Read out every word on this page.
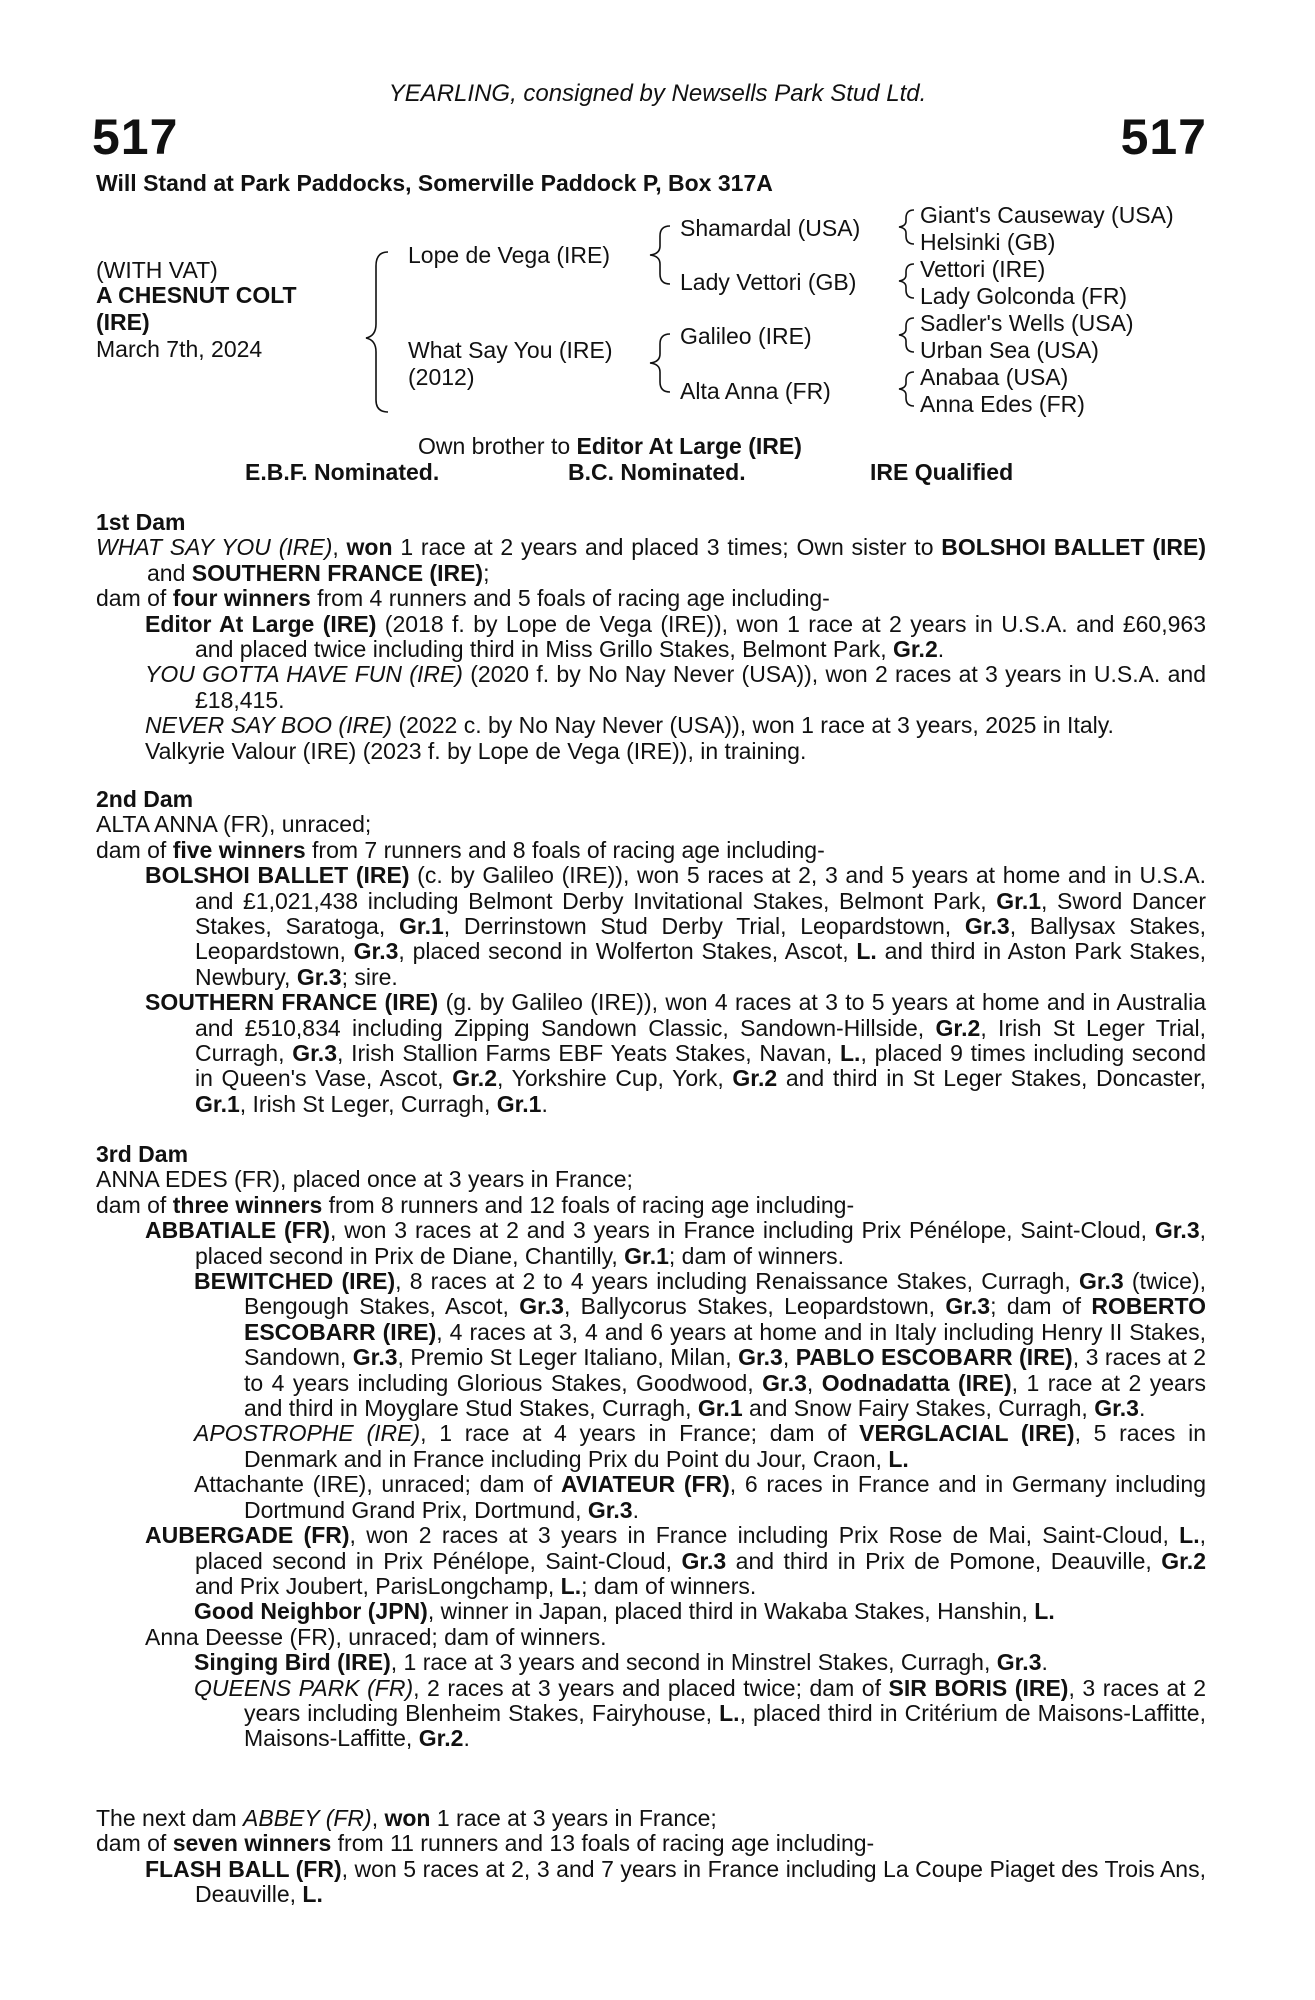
YEARLING, consigned by Newsells Park Stud Ltd.
517	517
Will Stand at Park Paddocks, Somerville Paddock P, Box 317A
(WITH VAT)
A CHESNUT COLT
(IRE)
March 7th, 2024
Lope de Vega (IRE)
What Say You (IRE)
(2012)
Shamardal (USA)
Lady Vettori (GB)
Galileo (IRE)
Alta Anna (FR)
Giant's Causeway (USA)
Helsinki (GB)
Vettori (IRE)
Lady Golconda (FR)
Sadler's Wells (USA)
Urban Sea (USA)
Anabaa (USA)
Anna Edes (FR)
Own brother to Editor At Large (IRE)
E.B.F. Nominated.	B.C. Nominated.	IRE Qualified

1st Dam

WHAT SAY YOU (IRE), won 1 race at 2 years and placed 3 times; Own sister to BOLSHOI BALLET (IRE) and SOUTHERN FRANCE (IRE);

dam of four winners from 4 runners and 5 foals of racing age including-

Editor At Large (IRE) (2018 f. by Lope de Vega (IRE)), won 1 race at 2 years in U.S.A. and £60,963 and placed twice including third in Miss Grillo Stakes, Belmont Park, Gr.2.

YOU GOTTA HAVE FUN (IRE) (2020 f. by No Nay Never (USA)), won 2 races at 3 years in U.S.A. and £18,415.

NEVER SAY BOO (IRE) (2022 c. by No Nay Never (USA)), won 1 race at 3 years, 2025 in Italy.

Valkyrie Valour (IRE) (2023 f. by Lope de Vega (IRE)), in training.

2nd Dam

ALTA ANNA (FR), unraced;

dam of five winners from 7 runners and 8 foals of racing age including-

BOLSHOI BALLET (IRE) (c. by Galileo (IRE)), won 5 races at 2, 3 and 5 years at home and in U.S.A. and £1,021,438 including Belmont Derby Invitational Stakes, Belmont Park, Gr.1, Sword Dancer Stakes, Saratoga, Gr.1, Derrinstown Stud Derby Trial, Leopardstown, Gr.3, Ballysax Stakes, Leopardstown, Gr.3, placed second in Wolferton Stakes, Ascot, L. and third in Aston Park Stakes, Newbury, Gr.3; sire.

SOUTHERN FRANCE (IRE) (g. by Galileo (IRE)), won 4 races at 3 to 5 years at home and in Australia and £510,834 including Zipping Sandown Classic, Sandown-Hillside, Gr.2, Irish St Leger Trial, Curragh, Gr.3, Irish Stallion Farms EBF Yeats Stakes, Navan, L., placed 9 times including second in Queen's Vase, Ascot, Gr.2, Yorkshire Cup, York, Gr.2 and third in St Leger Stakes, Doncaster, Gr.1, Irish St Leger, Curragh, Gr.1.

3rd Dam

ANNA EDES (FR), placed once at 3 years in France;

dam of three winners from 8 runners and 12 foals of racing age including-

ABBATIALE (FR), won 3 races at 2 and 3 years in France including Prix Pénélope, Saint-Cloud, Gr.3, placed second in Prix de Diane, Chantilly, Gr.1; dam of winners.

BEWITCHED (IRE), 8 races at 2 to 4 years including Renaissance Stakes, Curragh, Gr.3 (twice), Bengough Stakes, Ascot, Gr.3, Ballycorus Stakes, Leopardstown, Gr.3; dam of ROBERTO ESCOBARR (IRE), 4 races at 3, 4 and 6 years at home and in Italy including Henry II Stakes, Sandown, Gr.3, Premio St Leger Italiano, Milan, Gr.3, PABLO ESCOBARR (IRE), 3 races at 2 to 4 years including Glorious Stakes, Goodwood, Gr.3, Oodnadatta (IRE), 1 race at 2 years and third in Moyglare Stud Stakes, Curragh, Gr.1 and Snow Fairy Stakes, Curragh, Gr.3.

APOSTROPHE (IRE), 1 race at 4 years in France; dam of VERGLACIAL (IRE), 5 races in Denmark and in France including Prix du Point du Jour, Craon, L.

Attachante (IRE), unraced; dam of AVIATEUR (FR), 6 races in France and in Germany including Dortmund Grand Prix, Dortmund, Gr.3.

AUBERGADE (FR), won 2 races at 3 years in France including Prix Rose de Mai, Saint-Cloud, L., placed second in Prix Pénélope, Saint-Cloud, Gr.3 and third in Prix de Pomone, Deauville, Gr.2 and Prix Joubert, ParisLongchamp, L.; dam of winners.

Good Neighbor (JPN), winner in Japan, placed third in Wakaba Stakes, Hanshin, L.

Anna Deesse (FR), unraced; dam of winners.

Singing Bird (IRE), 1 race at 3 years and second in Minstrel Stakes, Curragh, Gr.3.

QUEENS PARK (FR), 2 races at 3 years and placed twice; dam of SIR BORIS (IRE), 3 races at 2 years including Blenheim Stakes, Fairyhouse, L., placed third in Critérium de Maisons-Laffitte, Maisons-Laffitte, Gr.2.

The next dam ABBEY (FR), won 1 race at 3 years in France;

dam of seven winners from 11 runners and 13 foals of racing age including-

FLASH BALL (FR), won 5 races at 2, 3 and 7 years in France including La Coupe Piaget des Trois Ans, Deauville, L.
